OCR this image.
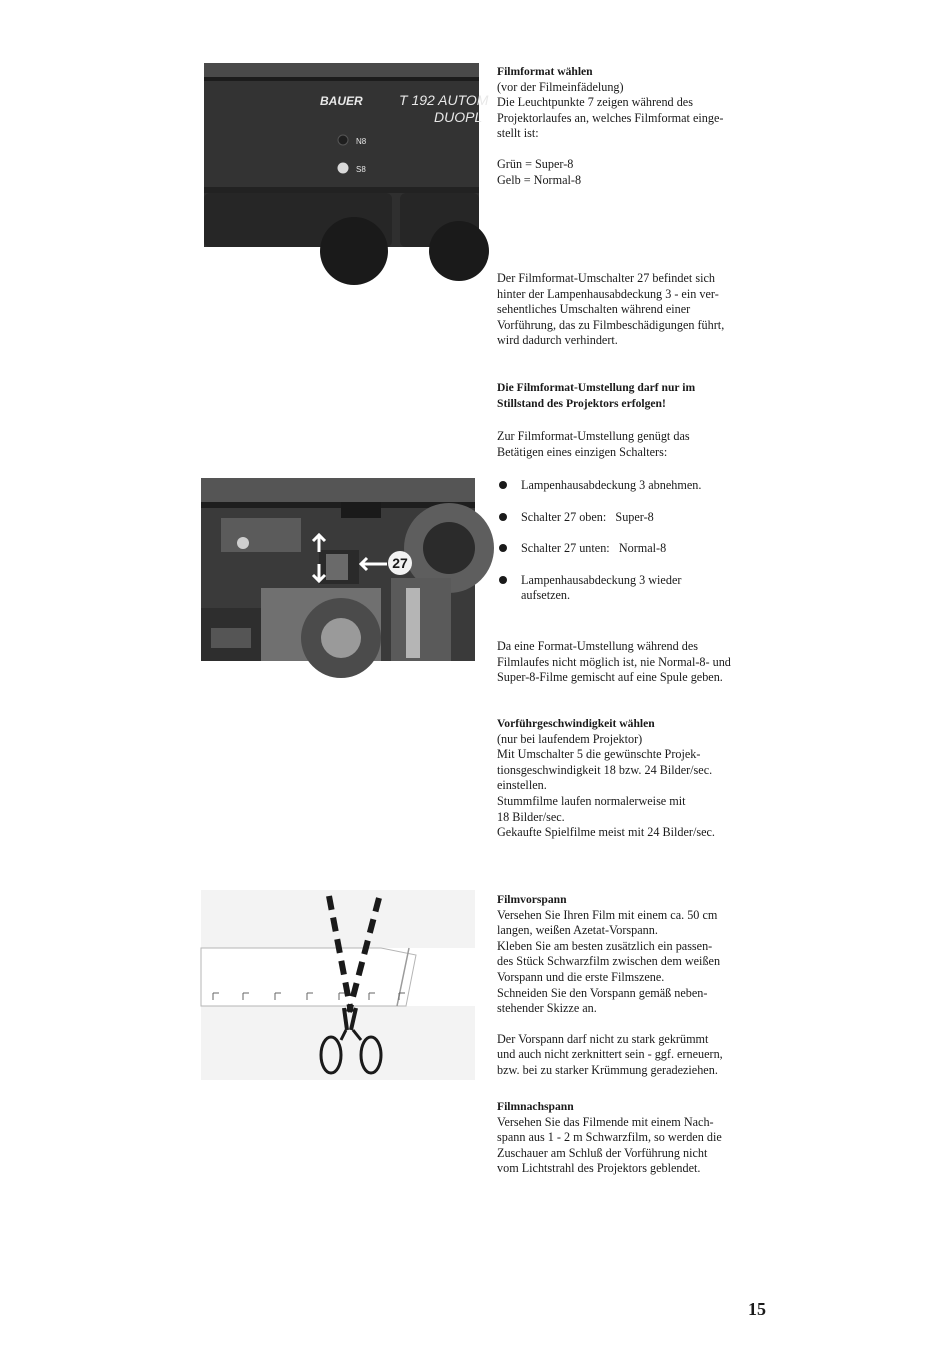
BAUER	T 192 AUTOM
DUOPL
N8
S8
27

Filmformat wählen

(vor der Filmeinfädelung)

Die Leuchtpunkte 7 zeigen während des

Projektorlaufes an, welches Filmformat einge-

stellt ist:

Grün = Super-8

Gelb = Normal-8

Der Filmformat-Umschalter 27 befindet sich

hinter der Lampenhausabdeckung 3 - ein ver-

sehentliches Umschalten während einer

Vorführung, das zu Filmbeschädigungen führt,

wird dadurch verhindert.

Die Filmformat-Umstellung darf nur im

Stillstand des Projektors erfolgen!

Zur Filmformat-Umstellung genügt das

Betätigen eines einzigen Schalters:

Lampenhausabdeckung 3 abnehmen.
Schalter 27 oben:   Super-8
Schalter 27 unten:   Normal-8
Lampenhausabdeckung 3 wieder
aufsetzen.

Da eine Format-Umstellung während des

Filmlaufes nicht möglich ist, nie Normal-8- und

Super-8-Filme gemischt auf eine Spule geben.

Vorführgeschwindigkeit wählen

(nur bei laufendem Projektor)

Mit Umschalter 5 die gewünschte Projek-

tionsgeschwindigkeit 18 bzw. 24 Bilder/sec.

einstellen.

Stummfilme laufen normalerweise mit

18 Bilder/sec.

Gekaufte Spielfilme meist mit 24 Bilder/sec.

Filmvorspann

Versehen Sie Ihren Film mit einem ca. 50 cm

langen, weißen Azetat-Vorspann.

Kleben Sie am besten zusätzlich ein passen-

des Stück Schwarzfilm zwischen dem weißen

Vorspann und die erste Filmszene.

Schneiden Sie den Vorspann gemäß neben-

stehender Skizze an.

Der Vorspann darf nicht zu stark gekrümmt

und auch nicht zerknittert sein - ggf. erneuern,

bzw. bei zu starker Krümmung geradeziehen.

Filmnachspann

Versehen Sie das Filmende mit einem Nach-

spann aus 1 - 2 m Schwarzfilm, so werden die

Zuschauer am Schluß der Vorführung nicht

vom Lichtstrahl des Projektors geblendet.

15
